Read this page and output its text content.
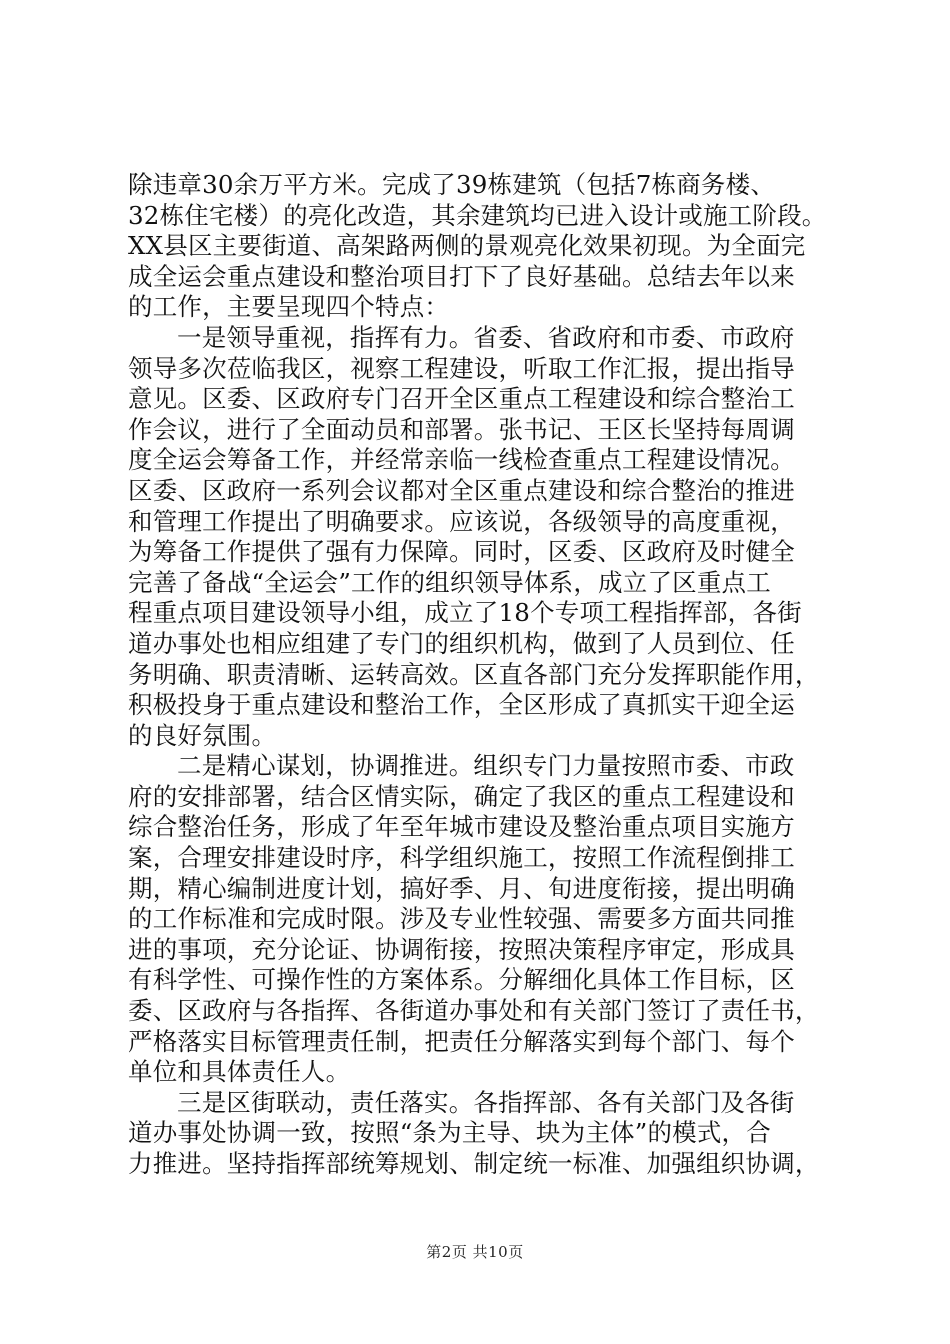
除违章30余万平方米。完成了39栋建筑（包括7栋商务楼、
32栋住宅楼）的亮化改造，其余建筑均已进入设计或施工阶段。
XX县区主要街道、高架路两侧的景观亮化效果初现。为全面完
成全运会重点建设和整治项目打下了良好基础。总结去年以来
的工作，主要呈现四个特点：
一是领导重视，指挥有力。省委、省政府和市委、市政府
领导多次莅临我区，视察工程建设，听取工作汇报，提出指导
意见。区委、区政府专门召开全区重点工程建设和综合整治工
作会议，进行了全面动员和部署。张书记、王区长坚持每周调
度全运会筹备工作，并经常亲临一线检查重点工程建设情况。
区委、区政府一系列会议都对全区重点建设和综合整治的推进
和管理工作提出了明确要求。应该说，各级领导的高度重视，
为筹备工作提供了强有力保障。同时，区委、区政府及时健全
完善了备战“全运会”工作的组织领导体系，成立了区重点工
程重点项目建设领导小组，成立了18个专项工程指挥部，各街
道办事处也相应组建了专门的组织机构，做到了人员到位、任
务明确、职责清晰、运转高效。区直各部门充分发挥职能作用，
积极投身于重点建设和整治工作，全区形成了真抓实干迎全运
的良好氛围。
二是精心谋划，协调推进。组织专门力量按照市委、市政
府的安排部署，结合区情实际，确定了我区的重点工程建设和
综合整治任务，形成了年至年城市建设及整治重点项目实施方
案，合理安排建设时序，科学组织施工，按照工作流程倒排工
期，精心编制进度计划，搞好季、月、旬进度衔接，提出明确
的工作标准和完成时限。涉及专业性较强、需要多方面共同推
进的事项，充分论证、协调衔接，按照决策程序审定，形成具
有科学性、可操作性的方案体系。分解细化具体工作目标，区
委、区政府与各指挥、各街道办事处和有关部门签订了责任书，
严格落实目标管理责任制，把责任分解落实到每个部门、每个
单位和具体责任人。
三是区街联动，责任落实。各指挥部、各有关部门及各街
道办事处协调一致，按照“条为主导、块为主体”的模式，合
力推进。坚持指挥部统筹规划、制定统一标准、加强组织协调，
第2页 共10页
